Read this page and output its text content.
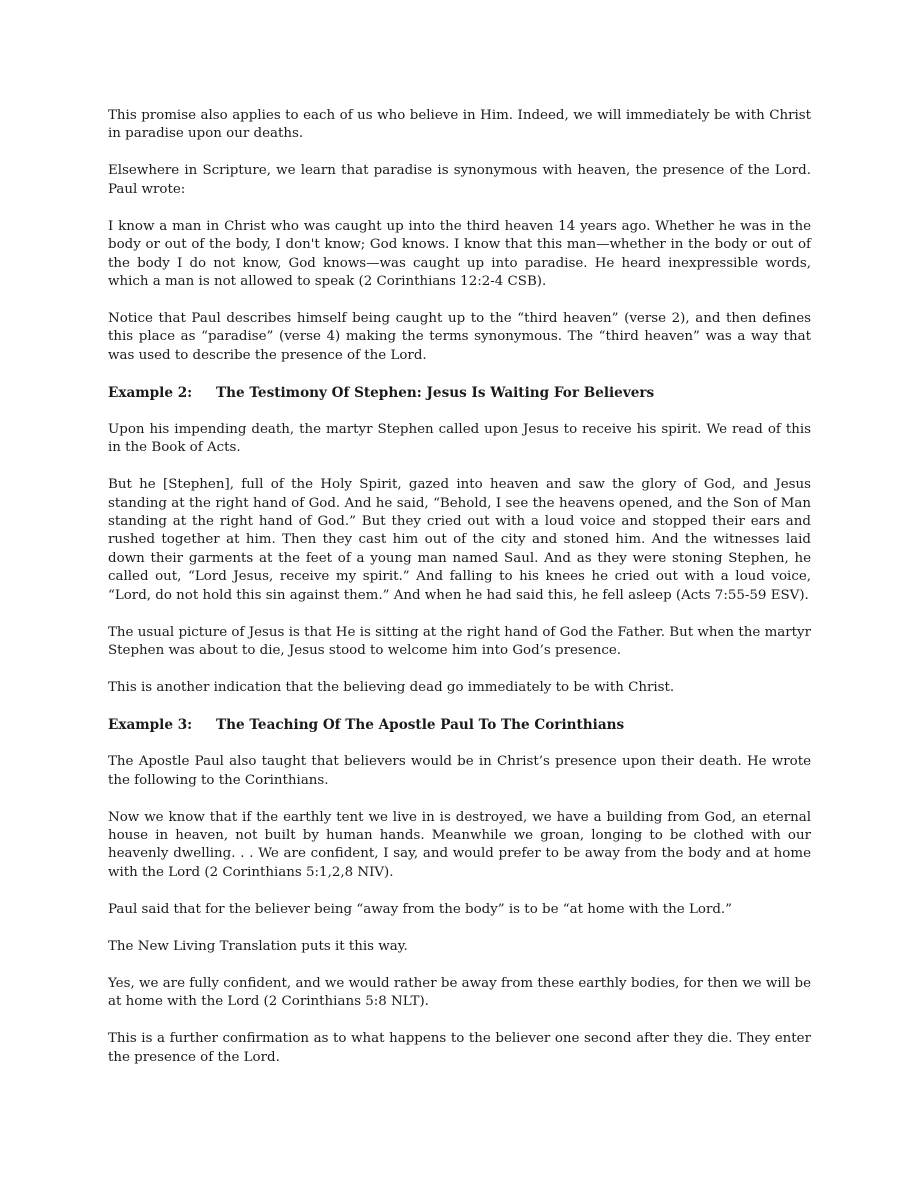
This promise also applies to each of us who believe in Him. Indeed, we will immediately be with Christ in paradise upon our deaths.

Elsewhere in Scripture, we learn that paradise is synonymous with heaven, the presence of the Lord. Paul wrote:

I know a man in Christ who was caught up into the third heaven 14 years ago. Whether he was in the body or out of the body, I don't know; God knows. I know that this man—whether in the body or out of the body I do not know, God knows—was caught up into paradise. He heard inexpressible words, which a man is not allowed to speak (2 Corinthians 12:2-4 CSB).

Notice that Paul describes himself being caught up to the “third heaven” (verse 2), and then defines this place as “paradise” (verse 4) making the terms synonymous. The “third heaven” was a way that was used to describe the presence of the Lord.

Example 2: The Testimony Of Stephen: Jesus Is Waiting For Believers

Upon his impending death, the martyr Stephen called upon Jesus to receive his spirit. We read of this in the Book of Acts.

But he [Stephen], full of the Holy Spirit, gazed into heaven and saw the glory of God, and Jesus standing at the right hand of God. And he said, “Behold, I see the heavens opened, and the Son of Man standing at the right hand of God.” But they cried out with a loud voice and stopped their ears and rushed together at him. Then they cast him out of the city and stoned him. And the witnesses laid down their garments at the feet of a young man named Saul. And as they were stoning Stephen, he called out, “Lord Jesus, receive my spirit.” And falling to his knees he cried out with a loud voice, “Lord, do not hold this sin against them.” And when he had said this, he fell asleep (Acts 7:55-59 ESV).

The usual picture of Jesus is that He is sitting at the right hand of God the Father. But when the martyr Stephen was about to die, Jesus stood to welcome him into God’s presence.

This is another indication that the believing dead go immediately to be with Christ.

Example 3: The Teaching Of The Apostle Paul To The Corinthians

The Apostle Paul also taught that believers would be in Christ’s presence upon their death. He wrote the following to the Corinthians.

Now we know that if the earthly tent we live in is destroyed, we have a building from God, an eternal house in heaven, not built by human hands. Meanwhile we groan, longing to be clothed with our heavenly dwelling. . . We are confident, I say, and would prefer to be away from the body and at home with the Lord (2 Corinthians 5:1,2,8 NIV).

Paul said that for the believer being “away from the body” is to be “at home with the Lord.”

The New Living Translation puts it this way.

Yes, we are fully confident, and we would rather be away from these earthly bodies, for then we will be at home with the Lord (2 Corinthians 5:8 NLT).

This is a further confirmation as to what happens to the believer one second after they die. They enter the presence of the Lord.
